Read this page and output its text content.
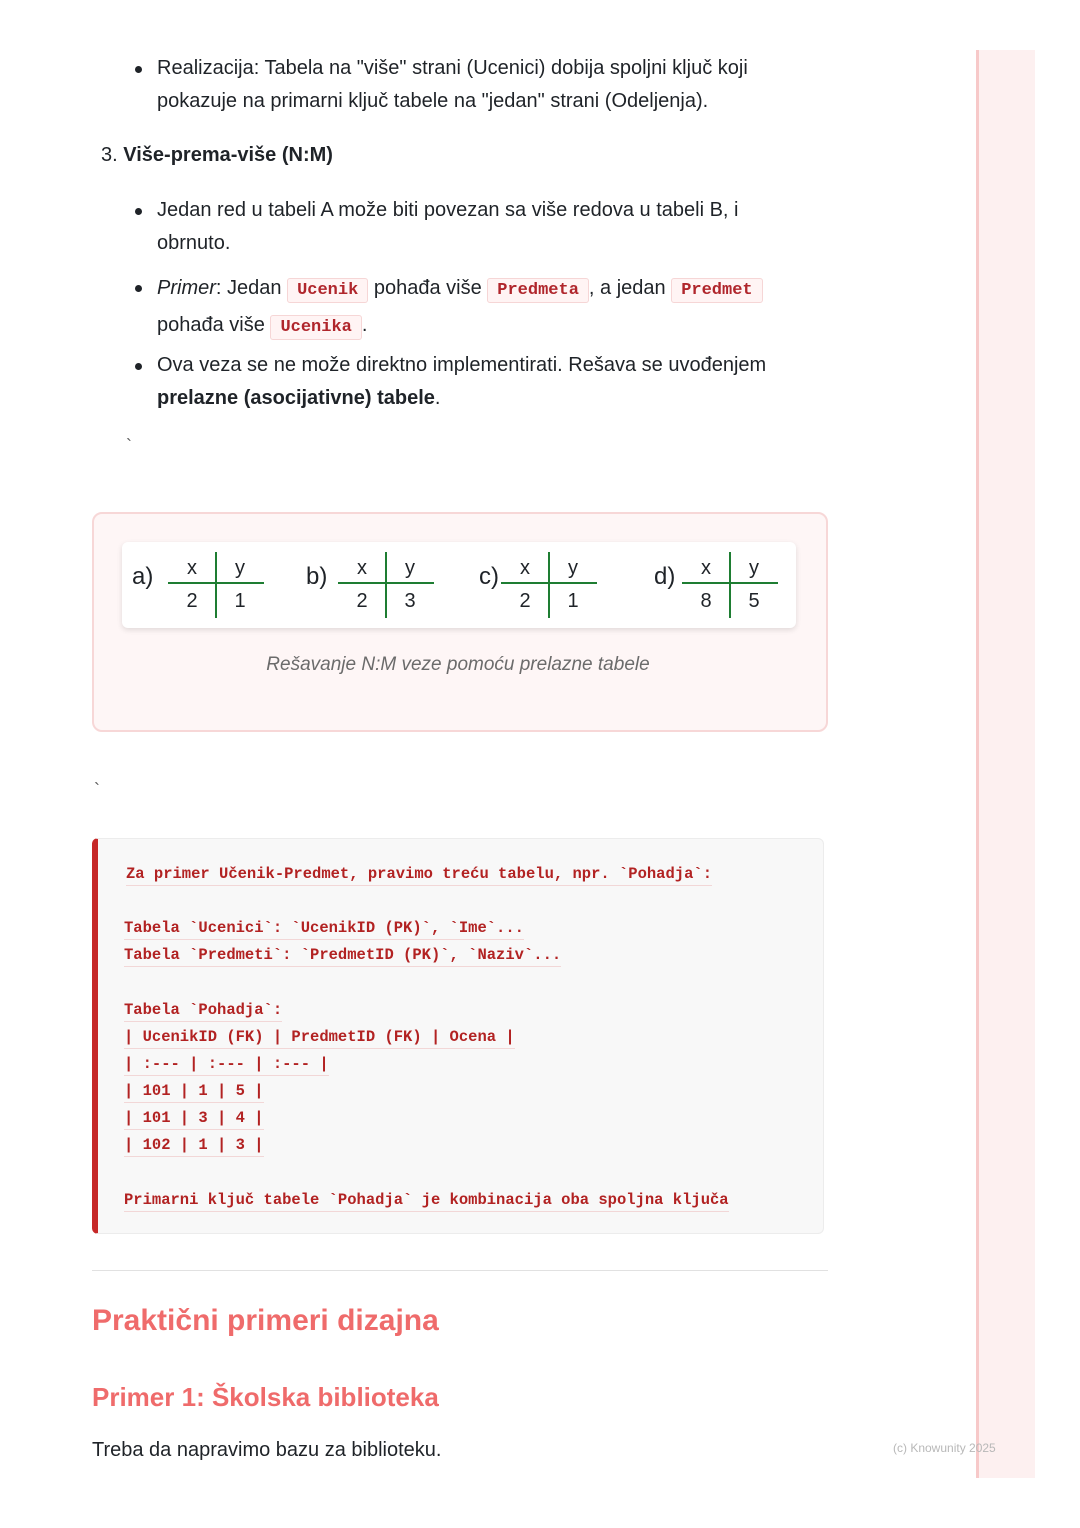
Realizacija: Tabela na "više" strani (Ucenici) dobija spoljni ključ koji pokazuje na primarni ključ tabele na "jedan" strani (Odeljenja).
3. Više-prema-više (N:M)
Jedan red u tabeli A može biti povezan sa više redova u tabeli B, i obrnuto.
Primer: Jedan Ucenik pohađa više Predmeta , a jedan Predmet
pohađa više Ucenika .
Ova veza se ne može direktno implementirati. Rešava se uvođenjem prelazne (asocijativne) tabele.
`
a) x y
2 1
b) x y
2 3
c) x y
2 1
d) x y
8 5
Rešavanje N:M veze pomoću prelazne tabele
`
Za primer Učenik-Predmet, pravimo treću tabelu, npr. `Pohadja`:
Tabela `Ucenici`: `UcenikID (PK)`, `Ime`...
Tabela `Predmeti`: `PredmetID (PK)`, `Naziv`...
Tabela `Pohadja`:
| UcenikID (FK) | PredmetID (FK) | Ocena |
| :--- | :--- | :--- |
| 101 | 1 | 5 |
| 101 | 3 | 4 |
| 102 | 1 | 3 |
Primarni ključ tabele `Pohadja` je kombinacija oba spoljna ključa
Praktični primeri dizajna
Primer 1: Školska biblioteka
Treba da napravimo bazu za biblioteku.	(c) Knowunity 2025
